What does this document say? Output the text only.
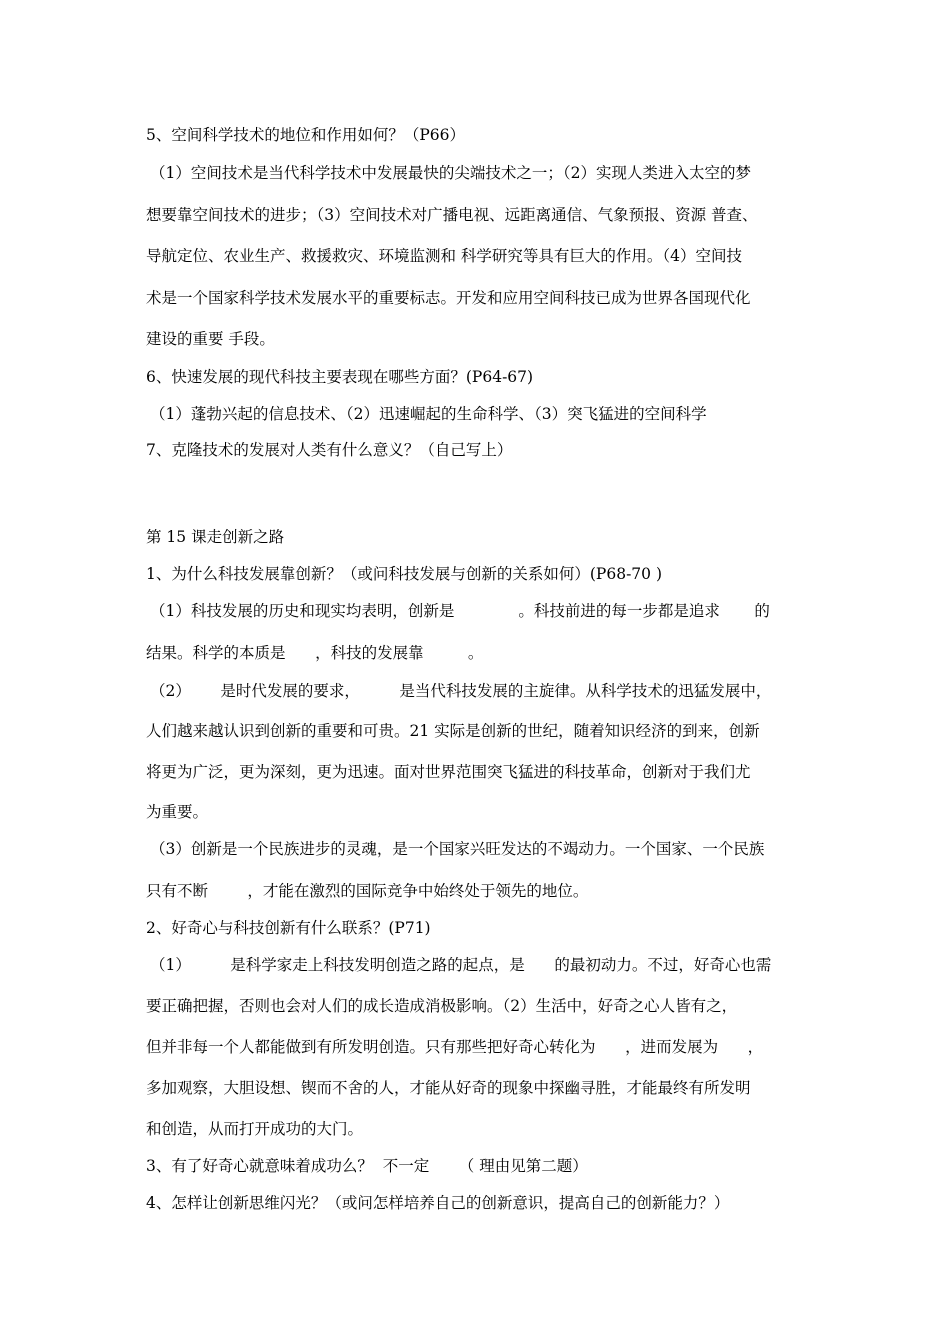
5、空间科学技术的地位和作用如何？（P66）
（1）空间技术是当代科学技术中发展最快的尖端技术之一；（2）实现人类进入太空的梦
想要靠空间技术的进步；（3）空间技术对广播电视、远距离通信、气象预报、资源 普查、
导航定位、农业生产、救援救灾、环境监测和 科学研究等具有巨大的作用。（4）空间技
术是一个国家科学技术发展水平的重要标志。开发和应用空间科技已成为世界各国现代化
建设的重要 手段。
6、快速发展的现代科技主要表现在哪些方面？(P64-67)
（1）蓬勃兴起的信息技术、（2）迅速崛起的生命科学、（3）突飞猛进的空间科学
7、克隆技术的发展对人类有什么意义？（自己写上）
第 15 课走创新之路
1、为什么科技发展靠创新？（或问科技发展与创新的关系如何）(P68-70 )
（1）科技发展的历史和现实均表明，创新是             。科技前进的每一步都是追求       的
结果。科学的本质是      ，科技的发展靠         。
（2）      是时代发展的要求，        是当代科技发展的主旋律。从科学技术的迅猛发展中，
人们越来越认识到创新的重要和可贵。21 实际是创新的世纪，随着知识经济的到来，创新
将更为广泛，更为深刻，更为迅速。面对世界范围突飞猛进的科技革命，创新对于我们尤
为重要。
（3）创新是一个民族进步的灵魂，是一个国家兴旺发达的不竭动力。一个国家、一个民族
只有不断        ，才能在激烈的国际竞争中始终处于领先的地位。
2、好奇心与科技创新有什么联系？(P71)
（1）        是科学家走上科技发明创造之路的起点，是      的最初动力。不过，好奇心也需
要正确把握，否则也会对人们的成长造成消极影响。（2）生活中，好奇之心人皆有之，
但并非每一个人都能做到有所发明创造。只有那些把好奇心转化为      ，进而发展为      ，
多加观察，大胆设想、锲而不舍的人，才能从好奇的现象中探幽寻胜，才能最终有所发明
和创造，从而打开成功的大门。
3、有了好奇心就意味着成功么？  不一定      （ 理由见第二题）
4、怎样让创新思维闪光？（或问怎样培养自己的创新意识，提高自己的创新能力？）
